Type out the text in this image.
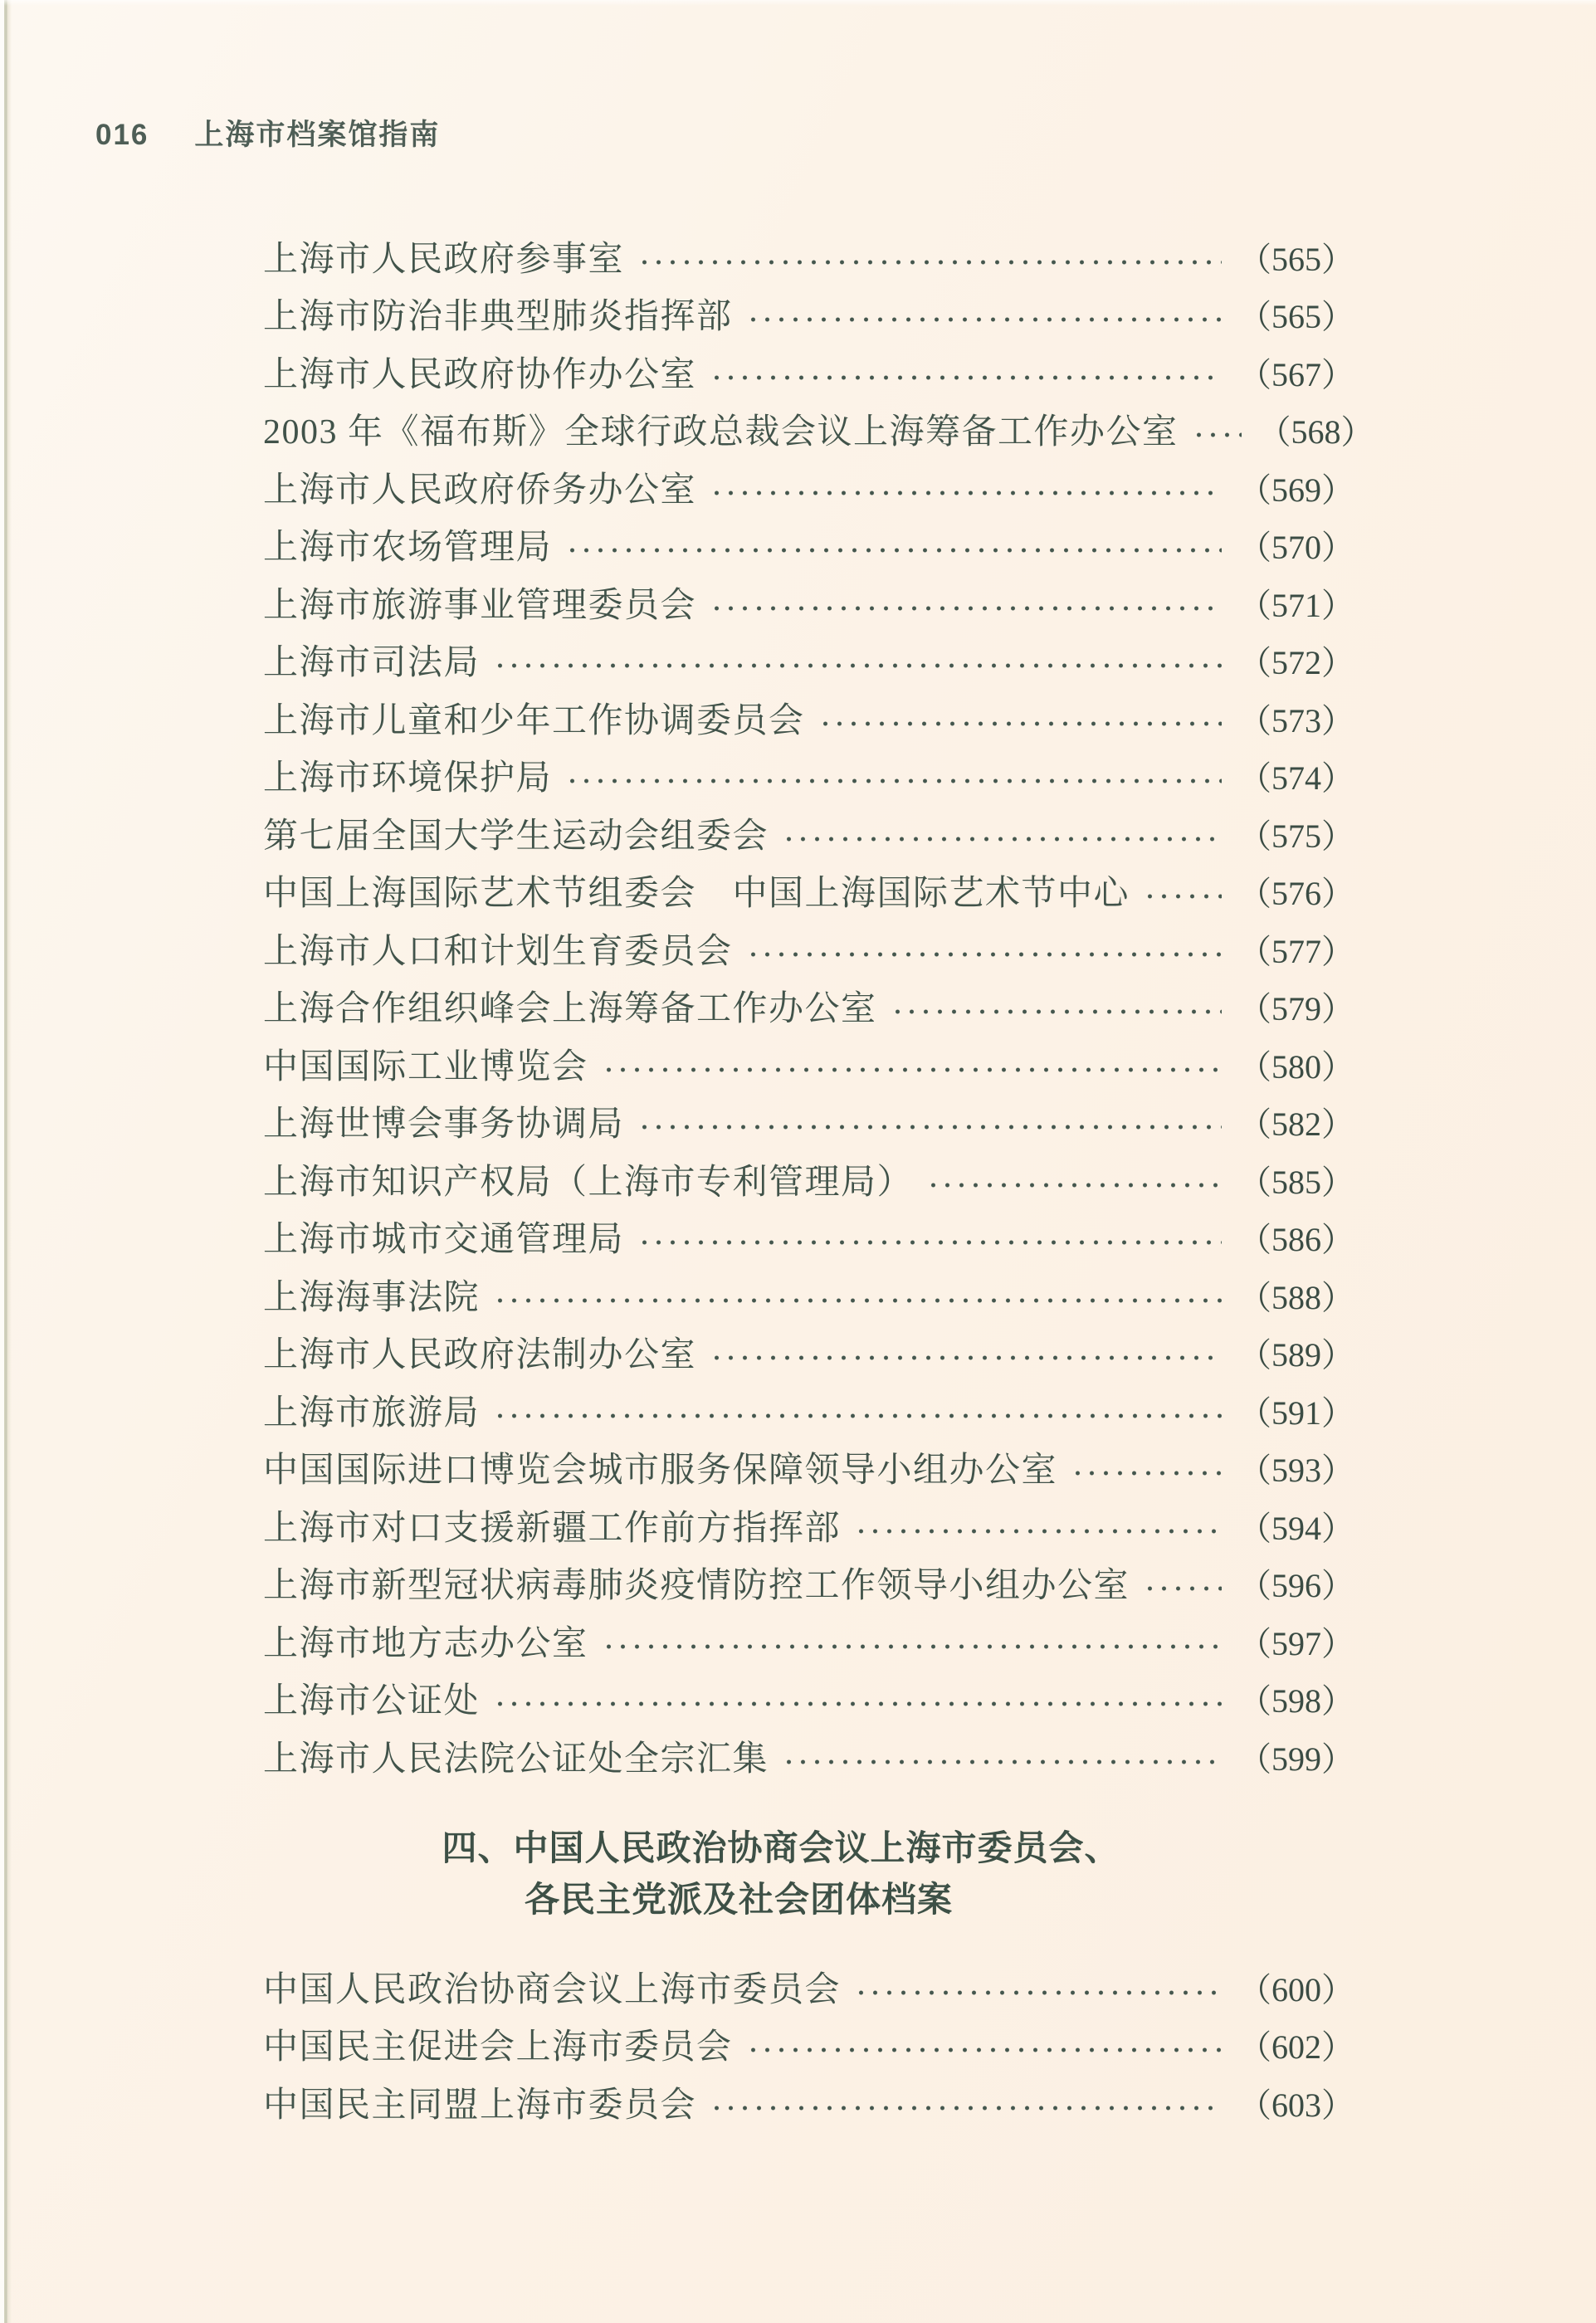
016 上海市档案馆指南
上海市人民政府参事室	（565）
上海市防治非典型肺炎指挥部	（565）
上海市人民政府协作办公室	（567）
2003 年《福布斯》全球行政总裁会议上海筹备工作办公室 （568）
上海市人民政府侨务办公室	（569）
上海市农场管理局	（570）
上海市旅游事业管理委员会	（571）
上海市司法局	（572）
上海市儿童和少年工作协调委员会	（573）
上海市环境保护局	（574）
第七届全国大学生运动会组委会	（575）
中国上海国际艺术节组委会　中国上海国际艺术节中心	（576）
上海市人口和计划生育委员会	（577）
上海合作组织峰会上海筹备工作办公室	（579）
中国国际工业博览会	（580）
上海世博会事务协调局	（582）
上海市知识产权局（上海市专利管理局）	（585）
上海市城市交通管理局	（586）
上海海事法院	（588）
上海市人民政府法制办公室	（589）
上海市旅游局	（591）
中国国际进口博览会城市服务保障领导小组办公室	（593）
上海市对口支援新疆工作前方指挥部	（594）
上海市新型冠状病毒肺炎疫情防控工作领导小组办公室	（596）
上海市地方志办公室	（597）
上海市公证处	（598）
上海市人民法院公证处全宗汇集	（599）
四、中国人民政治协商会议上海市委员会、
各民主党派及社会团体档案
中国人民政治协商会议上海市委员会	（600）
中国民主促进会上海市委员会	（602）
中国民主同盟上海市委员会	（603）
